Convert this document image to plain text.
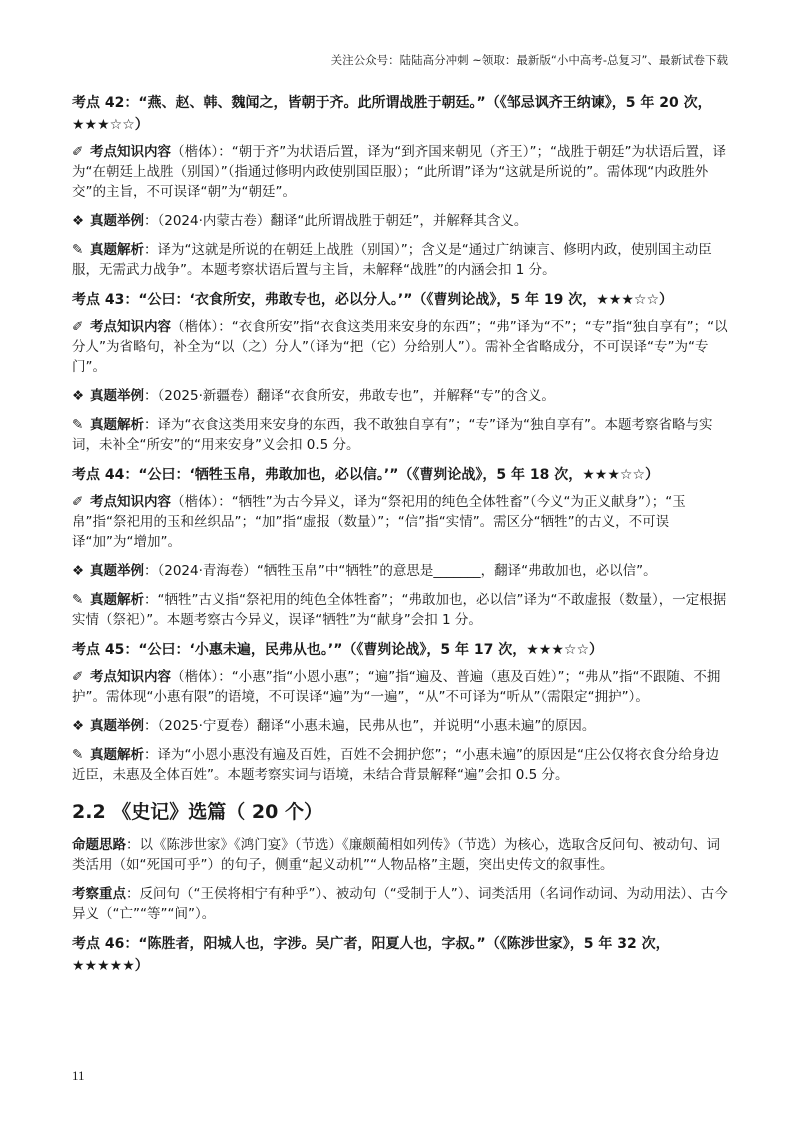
关注公众号：陆陆高分冲刺 ~领取：最新版“小中高考-总复习”、最新试卷下载
考点 42：“燕、赵、韩、魏闻之，皆朝于齐。此所谓战胜于朝廷。”（《邹忌讽齐王纳谏》，5 年 20 次，★★★☆☆）
✐ 考点知识内容（楷体）：“朝于齐”为状语后置，译为“到齐国来朝见（齐王）”；“战胜于朝廷”为状语后置，译为“在朝廷上战胜（别国）”（指通过修明内政使别国臣服）；“此所谓”译为“这就是所说的”。需体现“内政胜外交”的主旨，不可误译“朝”为“朝廷”。
❖ 真题举例：（2024·内蒙古卷）翻译“此所谓战胜于朝廷”，并解释其含义。
✎ 真题解析：译为“这就是所说的在朝廷上战胜（别国）”；含义是“通过广纳谏言、修明内政，使别国主动臣服，无需武力战争”。本题考察状语后置与主旨，未解释“战胜”的内涵会扣 1 分。
考点 43：“公曰：‘衣食所安，弗敢专也，必以分人。’”（《曹刿论战》，5 年 19 次，★★★☆☆）
✐ 考点知识内容（楷体）：“衣食所安”指“衣食这类用来安身的东西”；“弗”译为“不”；“专”指“独自享有”；“以分人”为省略句，补全为“以（之）分人”（译为“把（它）分给别人”）。需补全省略成分，不可误译“专”为“专门”。
❖ 真题举例：（2025·新疆卷）翻译“衣食所安，弗敢专也”，并解释“专”的含义。
✎ 真题解析：译为“衣食这类用来安身的东西，我不敢独自享有”；“专”译为“独自享有”。本题考察省略与实词，未补全“所安”的“用来安身”义会扣 0.5 分。
考点 44：“公曰：‘牺牲玉帛，弗敢加也，必以信。’”（《曹刿论战》，5 年 18 次，★★★☆☆）
✐ 考点知识内容（楷体）：“牺牲”为古今异义，译为“祭祀用的纯色全体牲畜”（今义“为正义献身”）；“玉帛”指“祭祀用的玉和丝织品”；“加”指“虚报（数量）”；“信”指“实情”。需区分“牺牲”的古义，不可误译“加”为“增加”。
❖ 真题举例：（2024·青海卷）“牺牲玉帛”中“牺牲”的意思是_______，翻译“弗敢加也，必以信”。
✎ 真题解析：“牺牲”古义指“祭祀用的纯色全体牲畜”；“弗敢加也，必以信”译为“不敢虚报（数量），一定根据实情（祭祀）”。本题考察古今异义，误译“牺牲”为“献身”会扣 1 分。
考点 45：“公曰：‘小惠未遍，民弗从也。’”（《曹刿论战》，5 年 17 次，★★★☆☆）
✐ 考点知识内容（楷体）：“小惠”指“小恩小惠”；“遍”指“遍及、普遍（惠及百姓）”；“弗从”指“不跟随、不拥护”。需体现“小惠有限”的语境，不可误译“遍”为“一遍”，“从”不可译为“听从”（需限定“拥护”）。
❖ 真题举例：（2025·宁夏卷）翻译“小惠未遍，民弗从也”，并说明“小惠未遍”的原因。
✎ 真题解析：译为“小恩小惠没有遍及百姓，百姓不会拥护您”；“小惠未遍”的原因是“庄公仅将衣食分给身边近臣，未惠及全体百姓”。本题考察实词与语境，未结合背景解释“遍”会扣 0.5 分。
2.2 《史记》选篇（ 20 个）
命题思路：以《陈涉世家》《鸿门宴》（节选）《廉颇蔺相如列传》（节选）为核心，选取含反问句、被动句、词类活用（如“死国可乎”）的句子，侧重“起义动机”“人物品格”主题，突出史传文的叙事性。
考察重点：反问句（“王侯将相宁有种乎”）、被动句（“受制于人”）、词类活用（名词作动词、为动用法）、古今异义（“亡”“等”“间”）。
考点 46：“陈胜者，阳城人也，字涉。吴广者，阳夏人也，字叔。”（《陈涉世家》，5 年 32 次，★★★★★）
11
